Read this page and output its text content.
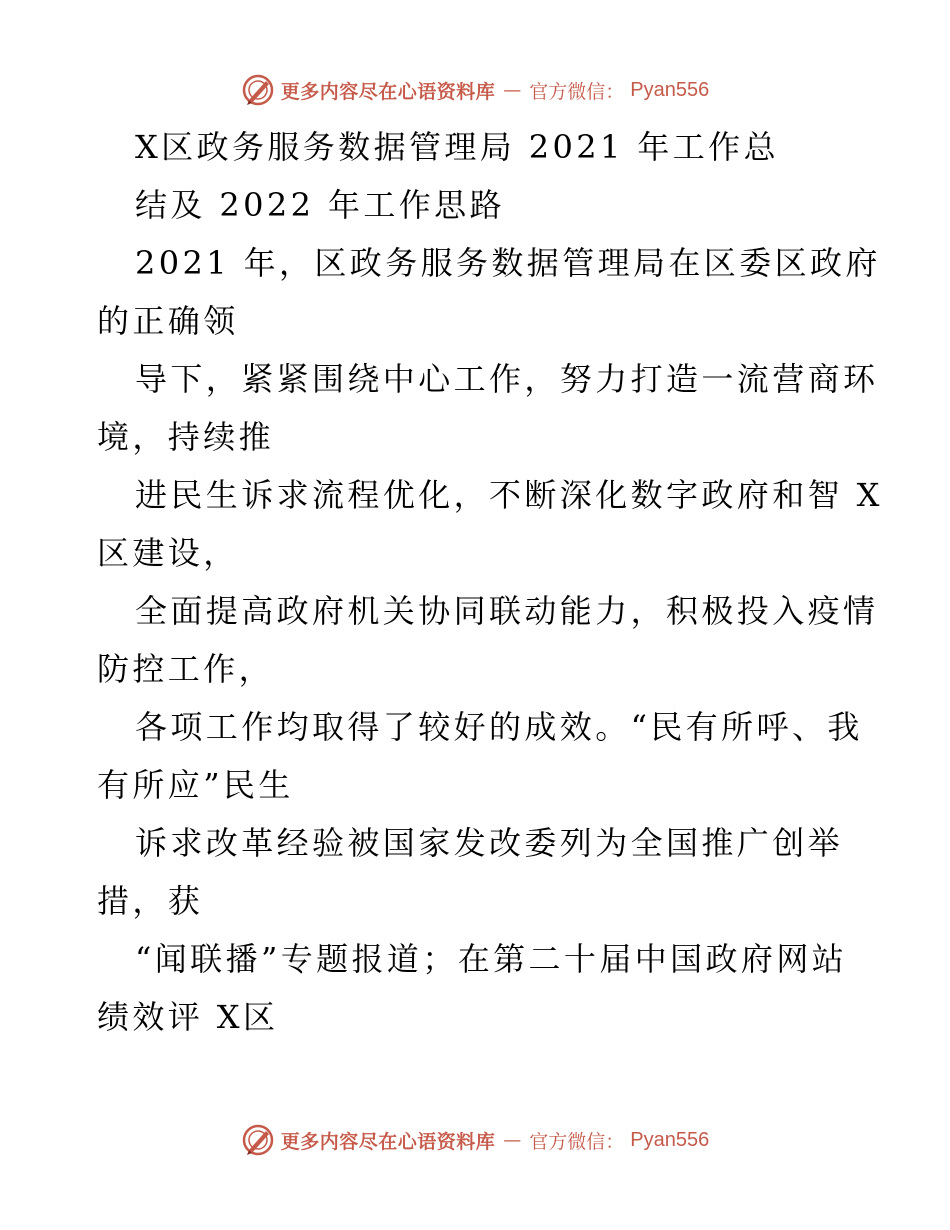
更多内容尽在心语资料库 — 官方微信： Pyan556
X区政务服务数据管理局 2021 年工作总
结及 2022 年工作思路
2021 年，区政务服务数据管理局在区委区政府
的正确领
导下，紧紧围绕中心工作，努力打造一流营商环
境，持续推
进民生诉求流程优化，不断深化数字政府和智 X
区建设，
全面提高政府机关协同联动能力，积极投入疫情
防控工作，
各项工作均取得了较好的成效。“民有所呼、我
有所应”民生
诉求改革经验被国家发改委列为全国推广创举
措，获
“闻联播”专题报道；在第二十届中国政府网站
绩效评 X区
更多内容尽在心语资料库 — 官方微信： Pyan556
